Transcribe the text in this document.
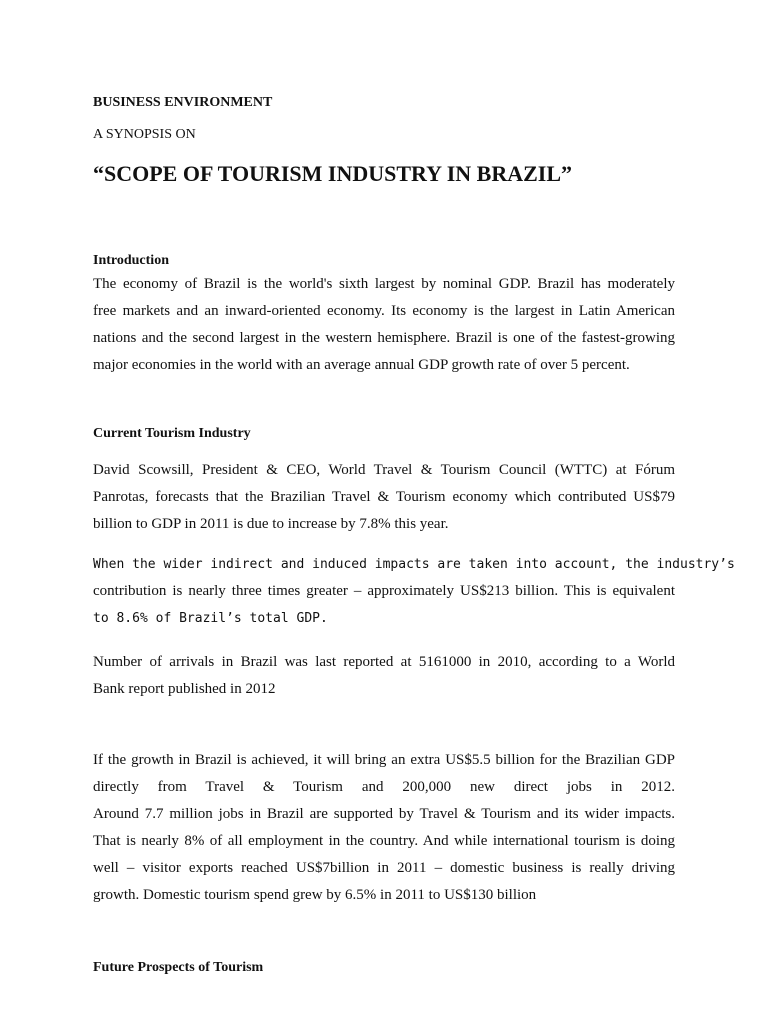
BUSINESS ENVIRONMENT
A SYNOPSIS ON
“SCOPE OF TOURISM INDUSTRY IN BRAZIL”
Introduction
The economy of Brazil is the world's sixth largest by nominal GDP. Brazil has moderately
free markets and an inward-oriented economy. Its economy is the largest in Latin American
nations and the second largest in the western hemisphere. Brazil is one of the fastest-growing
major economies in the world with an average annual GDP growth rate of over 5 percent.
Current Tourism Industry
David Scowsill, President & CEO, World Travel & Tourism Council (WTTC) at Fórum
Panrotas, forecasts that the Brazilian Travel & Tourism economy which contributed US$79
billion to GDP in 2011 is due to increase by 7.8% this year.
When the wider indirect and induced impacts are taken into account, the industry’s
contribution is nearly three times greater – approximately US$213 billion. This is equivalent
to 8.6% of Brazil’s total GDP.
Number of arrivals in Brazil was last reported at 5161000 in 2010, according to a World
Bank report published in 2012
If the growth in Brazil is achieved, it will bring an extra US$5.5 billion for the Brazilian GDP
directly from Travel & Tourism and 200,000 new direct jobs in 2012.
Around 7.7 million jobs in Brazil are supported by Travel & Tourism and its wider impacts.
That is nearly 8% of all employment in the country. And while international tourism is doing
well – visitor exports reached US$7billion in 2011 – domestic business is really driving
growth. Domestic tourism spend grew by 6.5% in 2011 to US$130 billion
Future Prospects of Tourism
